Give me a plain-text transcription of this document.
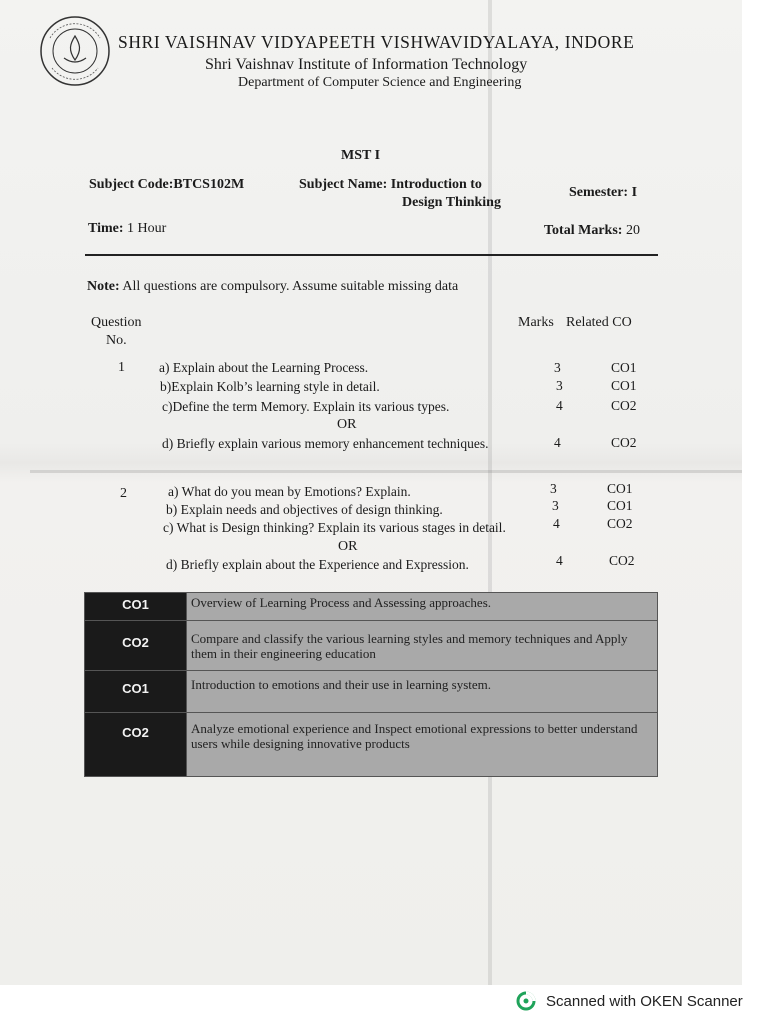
SHRI VAISHNAV VIDYAPEETH VISHWAVIDYALAYA, INDORE
Shri Vaishnav Institute of Information Technology
Department of Computer Science and Engineering
MST I
Subject Code:BTCS102M	Subject Name: Introduction to
Design Thinking
Semester: I
Time: 1 Hour	Total Marks: 20
Note: All questions are compulsory. Assume suitable missing data
Question
No.
Marks Related CO
1	a) Explain about the Learning Process.	3	CO1
b)Explain Kolb’s learning style in detail.	3	CO1
c)Define the term Memory. Explain its various types.	4	CO2
OR
d) Briefly explain various memory enhancement techniques.	4	CO2
2	a) What do you mean by Emotions? Explain.	3	CO1
b) Explain needs and objectives of design thinking.	3	CO1
c) What is Design thinking? Explain its various stages in detail.	4	CO2
OR
d) Briefly explain about the Experience and Expression.	4	CO2
CO1	Overview of Learning Process and Assessing approaches.
CO2	Compare and classify the various learning styles and memory techniques and Apply them in their engineering education
CO1	Introduction to emotions and their use in learning system.
CO2	Analyze emotional experience and Inspect emotional expressions to better understand users while designing innovative products
Scanned with OKEN Scanner
